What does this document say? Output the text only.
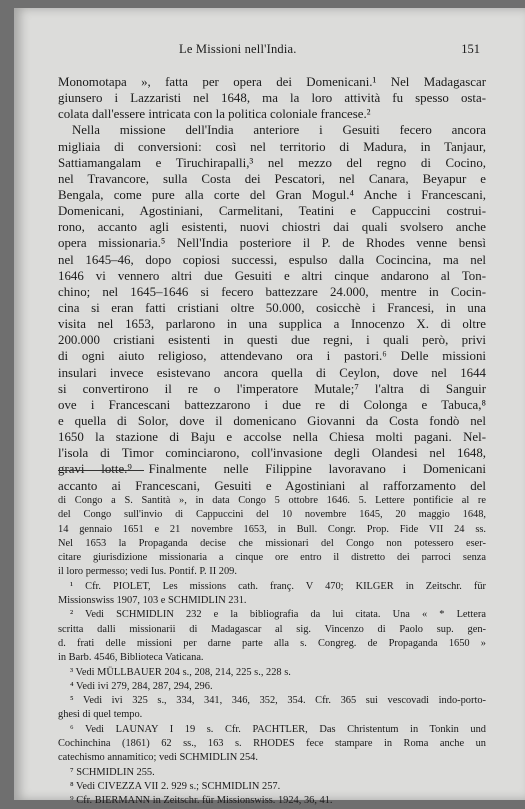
Le Missioni nell'India.	151
Monomotapa », fatta per opera dei Domenicani.¹ Nel Madagascar
giunsero i Lazzaristi nel 1648, ma la loro attività fu spesso osta-
colata dall'essere intricata con la politica coloniale francese.²
Nella missione dell'India anteriore i Gesuiti fecero ancora
migliaia di conversioni: così nel territorio di Madura, in Tanjaur,
Sattiamangalam e Tiruchirapalli,³ nel mezzo del regno di Cocino,
nel Travancore, sulla Costa dei Pescatori, nel Canara, Beyapur e
Bengala, come pure alla corte del Gran Mogul.⁴ Anche i Francescani,
Domenicani, Agostiniani, Carmelitani, Teatini e Cappuccini costrui-
rono, accanto agli esistenti, nuovi chiostri dai quali svolsero anche
opera missionaria.⁵ Nell'India posteriore il P. de Rhodes venne bensì
nel 1645–46, dopo copiosi successi, espulso dalla Cocincina, ma nel
1646 vi vennero altri due Gesuiti e altri cinque andarono al Ton-
chino; nel 1645–1646 si fecero battezzare 24.000, mentre in Cocin-
cina si eran fatti cristiani oltre 50.000, cosicchè i Francesi, in una
visita nel 1653, parlarono in una supplica a Innocenzo X. di oltre
200.000 cristiani esistenti in questi due regni, i quali però, privi
di ogni aiuto religioso, attendevano ora i pastori.⁶ Delle missioni
insulari invece esistevano ancora quella di Ceylon, dove nel 1644
si convertirono il re o l'imperatore Mutale;⁷ l'altra di Sanguir
ove i Francescani battezzarono i due re di Colonga e Tabuca,⁸
e quella di Solor, dove il domenicano Giovanni da Costa fondò nel
1650 la stazione di Baju e accolse nella Chiesa molti pagani. Nel-
l'isola di Timor cominciarono, coll'invasione degli Olandesi nel 1648,
gravi lotte.⁹ Finalmente nelle Filippine lavoravano i Domenicani
accanto ai Francescani, Gesuiti e Agostiniani al rafforzamento del
di Congo a S. Santità », in data Congo 5 ottobre 1646. 5. Lettere pontificie al re
del Congo sull'invio di Cappuccini del 10 novembre 1645, 20 maggio 1648,
14 gennaio 1651 e 21 novembre 1653, in Bull. Congr. Prop. Fide VII 24 ss.
Nel 1653 la Propaganda decise che missionari del Congo non potessero eser-
citare giurisdizione missionaria a cinque ore entro il distretto dei parroci senza
il loro permesso; vedi Ius. Pontif. P. II 209.
¹ Cfr. PIOLET, Les missions cath. franç. V 470; KILGER in Zeitschr. für
Missionswiss 1907, 103 e SCHMIDLIN 231.
² Vedi SCHMIDLIN 232 e la bibliografia da lui citata. Una « * Lettera
scritta dalli missionarii di Madagascar al sig. Vincenzo di Paolo sup. gen-
d. frati delle missioni per darne parte alla s. Congreg. de Propaganda 1650 »
in Barb. 4546, Biblioteca Vaticana.
³ Vedi MÜLLBAUER 204 s., 208, 214, 225 s., 228 s.
⁴ Vedi ivi 279, 284, 287, 294, 296.
⁵ Vedi ivi 325 s., 334, 341, 346, 352, 354. Cfr. 365 sui vescovadi indo-porto-
ghesi di quel tempo.
⁶ Vedi LAUNAY I 19 s. Cfr. PACHTLER, Das Christentum in Tonkin und
Cochinchina (1861) 62 ss., 163 s. RHODES fece stampare in Roma anche un
catechismo annamitico; vedi SCHMIDLIN 254.
⁷ SCHMIDLIN 255.
⁸ Vedi CIVEZZA VII 2. 929 s.; SCHMIDLIN 257.
⁹ Cfr. BIERMANN in Zeitschr. für Missionswiss. 1924, 36, 41.
